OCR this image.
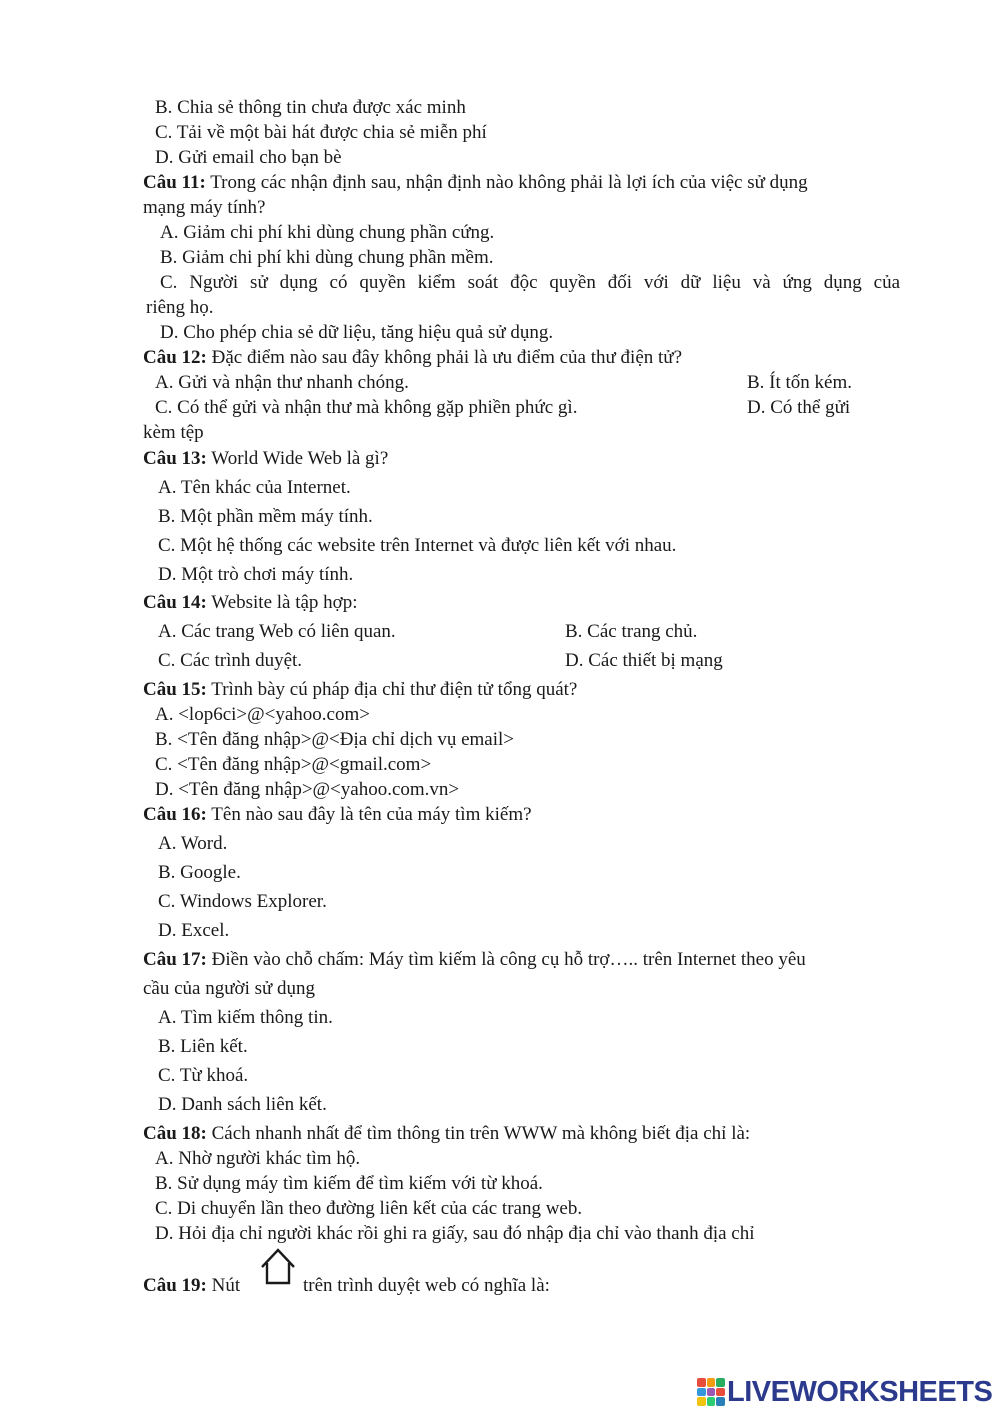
B. Chia sẻ thông tin chưa được xác minh
C. Tải về một bài hát được chia sẻ miễn phí
D. Gửi email cho bạn bè
Câu 11: Trong các nhận định sau, nhận định nào không phải là lợi ích của việc sử dụng
mạng máy tính?
A. Giảm chi phí khi dùng chung phần cứng.
B. Giảm chi phí khi dùng chung phần mềm.
C. Người sử dụng có quyền kiểm soát độc quyền đối với dữ liệu và ứng dụng của
riêng họ.
D. Cho phép chia sẻ dữ liệu, tăng hiệu quả sử dụng.
Câu 12: Đặc điểm nào sau đây không phải là ưu điểm của thư điện tử?
A. Gửi và nhận thư nhanh chóng.	B. Ít tốn kém.
C. Có thể gửi và nhận thư mà không gặp phiền phức gì.	D. Có thể gửi
kèm tệp
Câu 13: World Wide Web là gì?
A. Tên khác của Internet.
B. Một phần mềm máy tính.
C. Một hệ thống các website trên Internet và được liên kết với nhau.
D. Một trò chơi máy tính.
Câu 14: Website là tập hợp:
A. Các trang Web có liên quan.	B. Các trang chủ.
C. Các trình duyệt.	D. Các thiết bị mạng
Câu 15: Trình bày cú pháp địa chỉ thư điện tử tổng quát?
A. <lop6ci>@<yahoo.com>
B. <Tên đăng nhập>@<Địa chỉ dịch vụ email>
C. <Tên đăng nhập>@<gmail.com>
D. <Tên đăng nhập>@<yahoo.com.vn>
Câu 16: Tên nào sau đây là tên của máy tìm kiếm?
A. Word.
B. Google.
C. Windows Explorer.
D. Excel.
Câu 17: Điền vào chỗ chấm: Máy tìm kiếm là công cụ hỗ trợ….. trên Internet theo yêu
cầu của người sử dụng
A. Tìm kiếm thông tin.
B. Liên kết.
C. Từ khoá.
D. Danh sách liên kết.
Câu 18: Cách nhanh nhất để tìm thông tin trên WWW mà không biết địa chỉ là:
A. Nhờ người khác tìm hộ.
B. Sử dụng máy tìm kiếm để tìm kiếm với từ khoá.
C. Di chuyển lần theo đường liên kết của các trang web.
D. Hỏi địa chỉ người khác rồi ghi ra giấy, sau đó nhập địa chỉ vào thanh địa chỉ
Câu 19: Nút	trên trình duyệt web có nghĩa là:
LIVEWORKSHEETS
